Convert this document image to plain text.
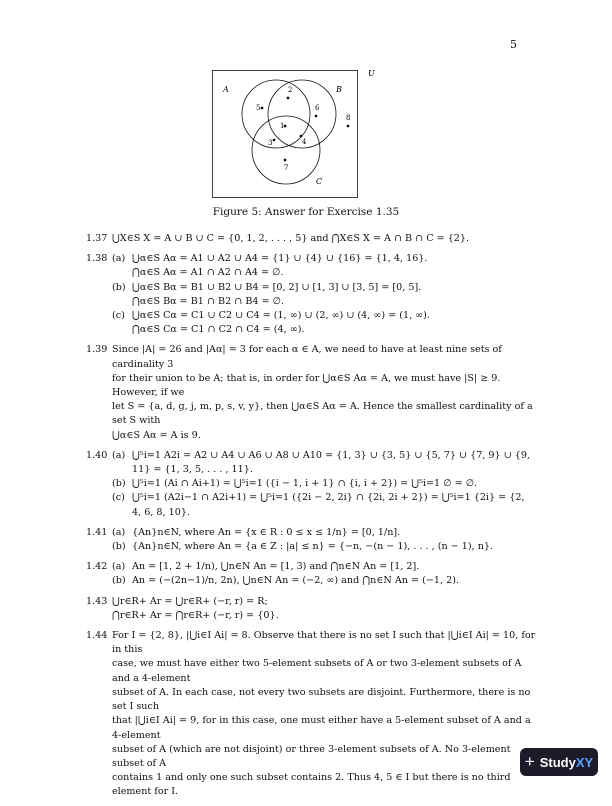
5
U
A	B
C
2
5	6
1
8
3	4
7
Figure 5: Answer for Exercise 1.35
1.37 ⋃X∈S X = A ∪ B ∪ C = {0, 1, 2, . . . , 5} and ⋂X∈S X = A ∩ B ∩ C = {2}.
1.38 (a) ⋃α∈S Aα = A1 ∪ A2 ∪ A4 = {1} ∪ {4} ∪ {16} = {1, 4, 16}.
⋂α∈S Aα = A1 ∩ A2 ∩ A4 = ∅.
(b) ⋃α∈S Bα = B1 ∪ B2 ∪ B4 = [0, 2] ∪ [1, 3] ∪ [3, 5] = [0, 5].
⋂α∈S Bα = B1 ∩ B2 ∩ B4 = ∅.
(c) ⋃α∈S Cα = C1 ∪ C2 ∪ C4 = (1, ∞) ∪ (2, ∞) ∪ (4, ∞) = (1, ∞).
⋂α∈S Cα = C1 ∩ C2 ∩ C4 = (4, ∞).
1.39 Since |A| = 26 and |Aα| = 3 for each α ∈ A, we need to have at least nine sets of cardinality 3
for their union to be A; that is, in order for ⋃α∈S Aα = A, we must have |S| ≥ 9. However, if we
let S = {a, d, g, j, m, p, s, v, y}, then ⋃α∈S Aα = A. Hence the smallest cardinality of a set S with
⋃α∈S Aα = A is 9.
1.40 (a) ⋃⁵i=1 A2i = A2 ∪ A4 ∪ A6 ∪ A8 ∪ A10 = {1, 3} ∪ {3, 5} ∪ {5, 7} ∪ {7, 9} ∪ {9, 11} = {1, 3, 5, . . . , 11}.
(b) ⋃⁵i=1 (Ai ∩ Ai+1) = ⋃⁵i=1 ({i − 1, i + 1} ∩ {i, i + 2}) = ⋃⁵i=1 ∅ = ∅.
(c) ⋃⁵i=1 (A2i−1 ∩ A2i+1) = ⋃⁵i=1 ({2i − 2, 2i} ∩ {2i, 2i + 2}) = ⋃⁵i=1 {2i} = {2, 4, 6, 8, 10}.
1.41 (a) {An}n∈N, where An = {x ∈ R : 0 ≤ x ≤ 1/n} = [0, 1/n].
(b) {An}n∈N, where An = {a ∈ Z : |a| ≤ n} = {−n, −(n − 1), . . . , (n − 1), n}.
1.42 (a) An = [1, 2 + 1/n), ⋃n∈N An = [1, 3) and ⋂n∈N An = [1, 2].
(b) An = (−(2n−1)/n, 2n), ⋃n∈N An = (−2, ∞) and ⋂n∈N An = (−1, 2).
1.43 ⋃r∈R+ Ar = ⋃r∈R+ (−r, r) = R;
⋂r∈R+ Ar = ⋂r∈R+ (−r, r) = {0}.
1.44 For I = {2, 8}, |⋃i∈I Ai| = 8. Observe that there is no set I such that |⋃i∈I Ai| = 10, for in this
case, we must have either two 5-element subsets of A or two 3-element subsets of A and a 4-element
subset of A. In each case, not every two subsets are disjoint. Furthermore, there is no set I such
that |⋃i∈I Ai| = 9, for in this case, one must either have a 5-element subset of A and a 4-element
subset of A (which are not disjoint) or three 3-element subsets of A. No 3-element subset of A
contains 1 and only one such subset contains 2. Thus 4, 5 ∈ I but there is no third element for I.
+ Study XY
